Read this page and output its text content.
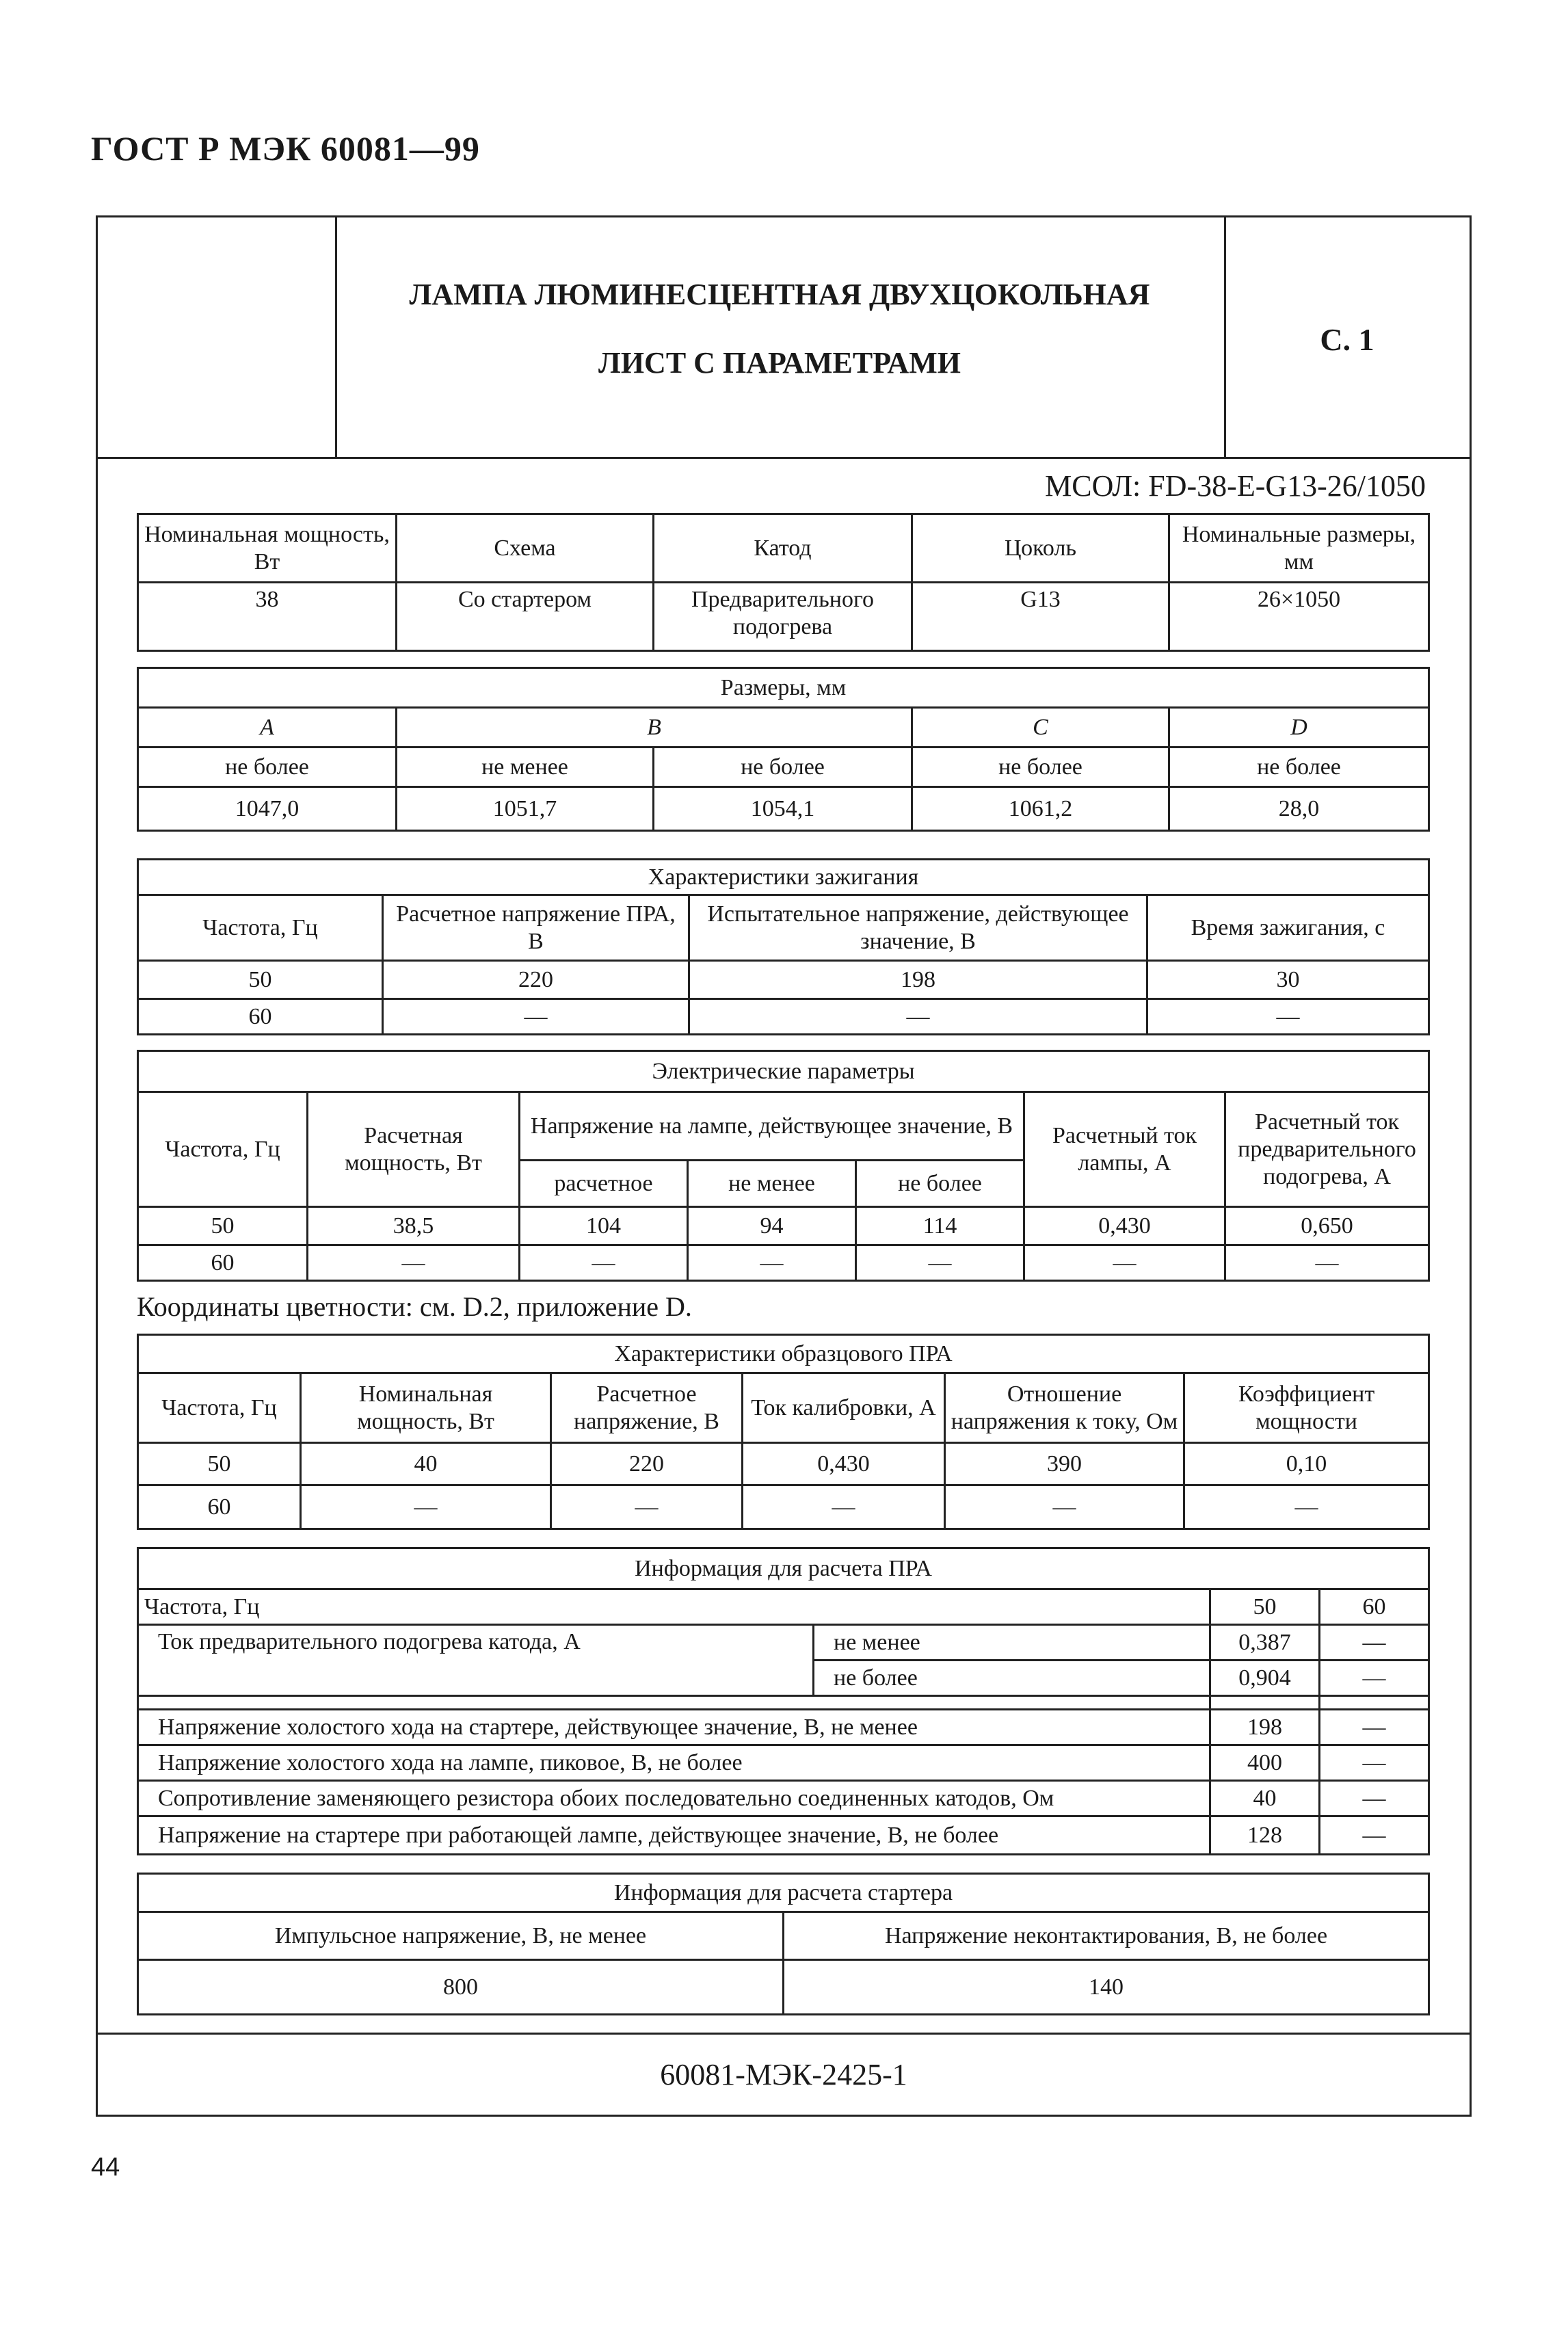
ГОСТ Р МЭК 60081—99
ЛАМПА ЛЮМИНЕСЦЕНТНАЯ ДВУХЦОКОЛЬНАЯ
ЛИСТ С ПАРАМЕТРАМИ
С. 1
МСОЛ: FD-38-E-G13-26/1050
Номинальная мощность, Вт	Схема	Катод	Цоколь	Номинальные размеры, мм
38	Со стартером	Предварительного подогрева	G13	26×1050
Размеры, мм				
A	B		C	D
не более	не менее	не более	не более	не более
1047,0	1051,7	1054,1	1061,2	28,0
Характеристики зажигания			
Частота, Гц	Расчетное напряжение ПРА, В	Испытательное напряжение, действующее значение, В	Время зажигания, с
50	220	198	30
60	—	—	—
Электрические параметры						
Частота, Гц	Расчетная мощность, Вт	Напряжение на лампе, действующее значение, В			Расчетный ток лампы, А	Расчетный ток предварительного подогрева, А
		расчетное	не менее	не более		
50	38,5	104	94	114	0,430	0,650
60	—	—	—	—	—	—
Координаты цветности: см. D.2, приложение D.
Характеристики образцового ПРА					
Частота, Гц	Номинальная мощность, Вт	Расчетное напряжение, В	Ток калибровки, А	Отношение напряжения к току, Ом	Коэффициент мощности
50	40	220	0,430	390	0,10
60	—	—	—	—	—
Информация для расчета ПРА			
Частота, Гц		50	60
Ток предварительного подогрева катода, А	не менее	0,387	—
	не более	0,904	—

Напряжение холостого хода на стартере, действующее значение, В, не менее		198	—
Напряжение холостого хода на лампе, пиковое, В, не более		400	—
Сопротивление заменяющего резистора обоих последовательно соединенных катодов, Ом		40	—
Напряжение на стартере при работающей лампе, действующее значение, В, не более		128	—
Информация для расчета стартера	
Импульсное напряжение, В, не менее	Напряжение неконтактирования, В, не более
800	140
60081-МЭК-2425-1
44
